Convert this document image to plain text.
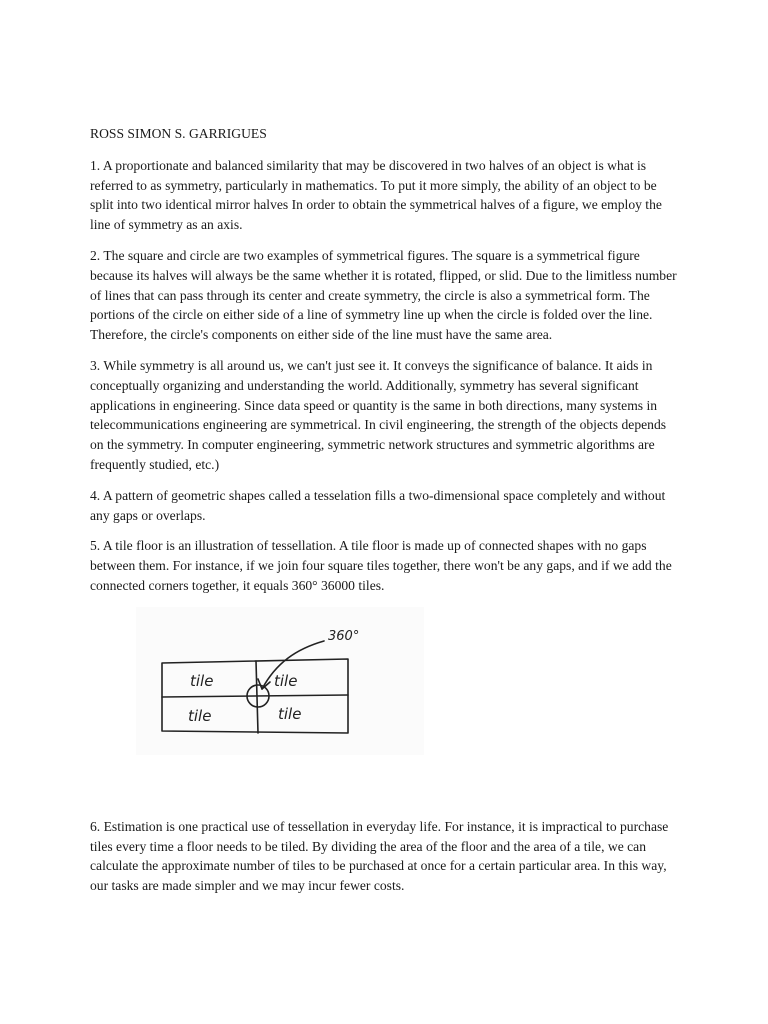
ROSS SIMON S. GARRIGUES

1. A proportionate and balanced similarity that may be discovered in two halves of an object is what is referred to as symmetry, particularly in mathematics. To put it more simply, the ability of an object to be split into two identical mirror halves In order to obtain the symmetrical halves of a figure, we employ the line of symmetry as an axis.

2. The square and circle are two examples of symmetrical figures. The square is a symmetrical figure because its halves will always be the same whether it is rotated, flipped, or slid. Due to the limitless number of lines that can pass through its center and create symmetry, the circle is also a symmetrical form. The portions of the circle on either side of a line of symmetry line up when the circle is folded over the line. Therefore, the circle's components on either side of the line must have the same area.

3. While symmetry is all around us, we can't just see it. It conveys the significance of balance. It aids in conceptually organizing and understanding the world. Additionally, symmetry has several significant applications in engineering. Since data speed or quantity is the same in both directions, many systems in telecommunications engineering are symmetrical. In civil engineering, the strength of the objects depends on the symmetry. In computer engineering, symmetric network structures and symmetric algorithms are frequently studied, etc.)

4. A pattern of geometric shapes called a tesselation fills a two-dimensional space completely and without any gaps or overlaps.

5. A tile floor is an illustration of tessellation. A tile floor is made up of connected shapes with no gaps between them. For instance, if we join four square tiles together, there won't be any gaps, and if we add the connected corners together, it equals 360° 36000 tiles.

360°
tile	tile
tile	tile

6. Estimation is one practical use of tessellation in everyday life. For instance, it is impractical to purchase tiles every time a floor needs to be tiled. By dividing the area of the floor and the area of a tile, we can calculate the approximate number of tiles to be purchased at once for a certain particular area. In this way, our tasks are made simpler and we may incur fewer costs.
